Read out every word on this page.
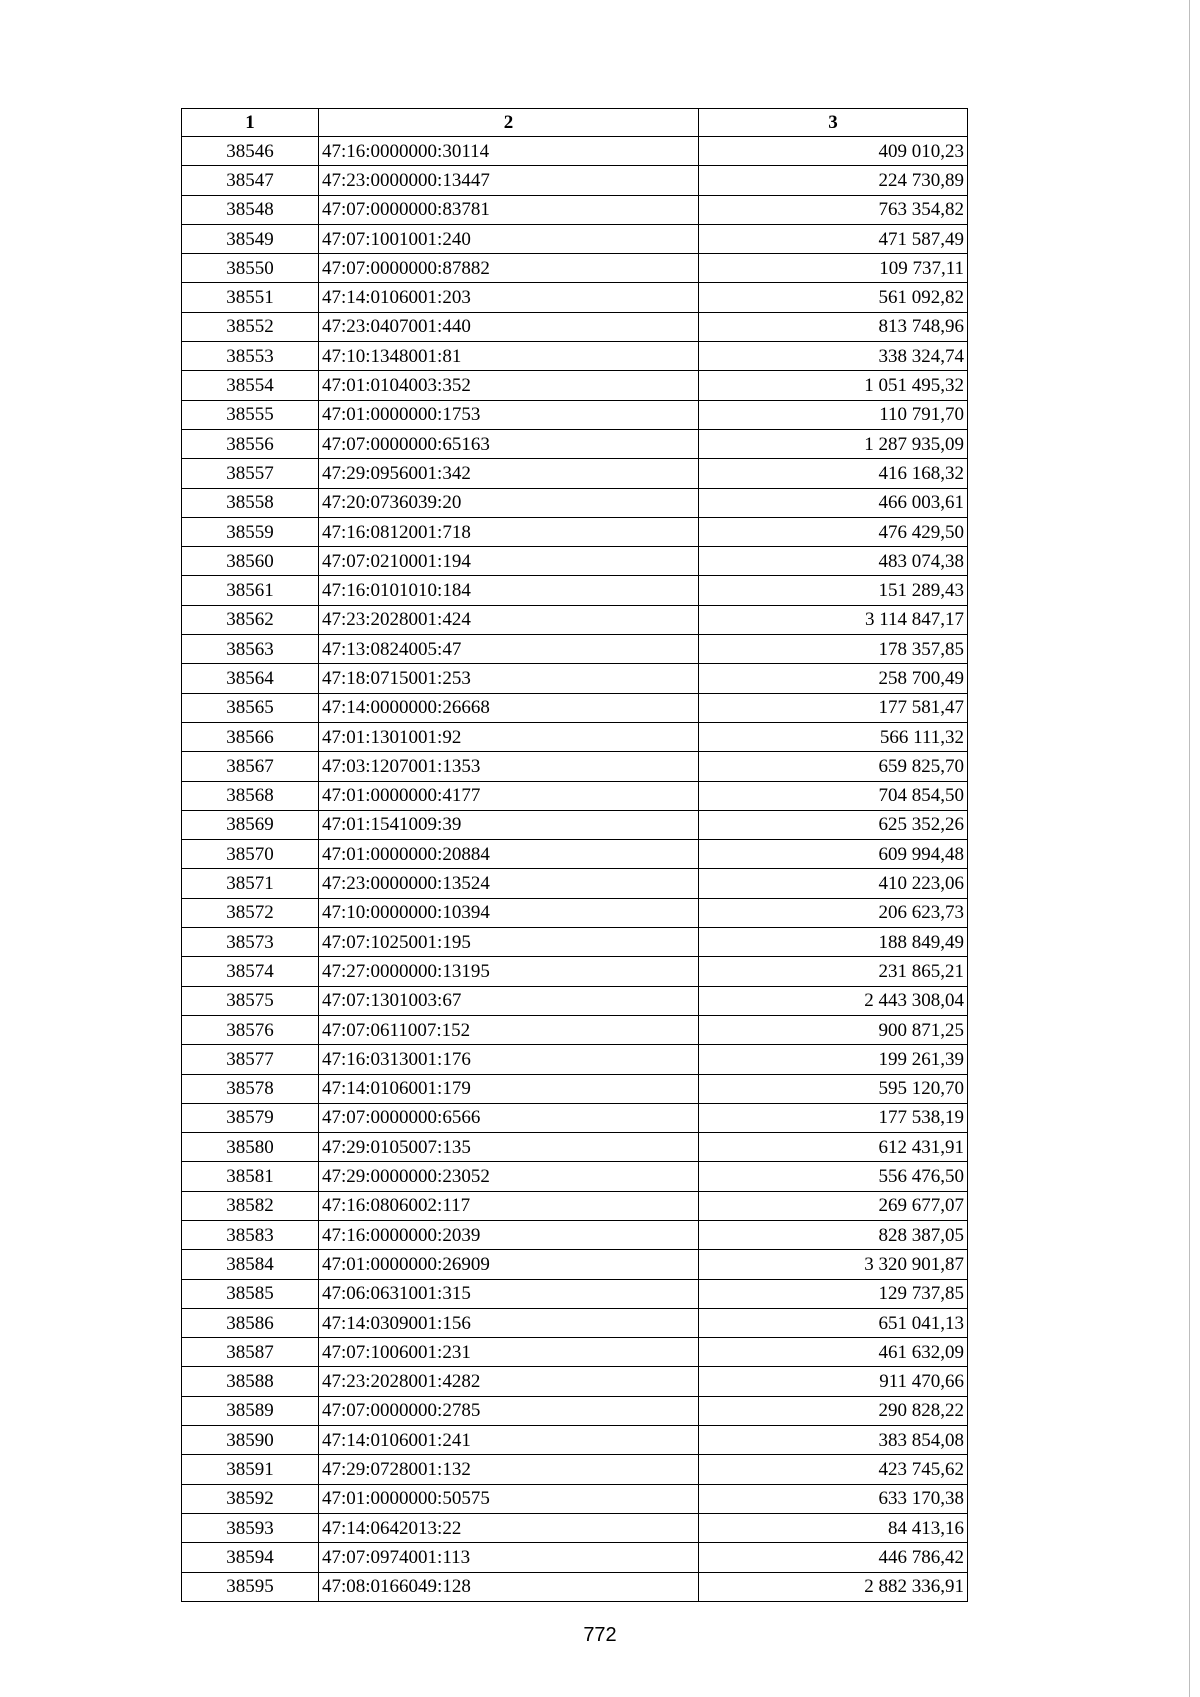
1	2	3
38546	47:16:0000000:30114	409 010,23
38547	47:23:0000000:13447	224 730,89
38548	47:07:0000000:83781	763 354,82
38549	47:07:1001001:240	471 587,49
38550	47:07:0000000:87882	109 737,11
38551	47:14:0106001:203	561 092,82
38552	47:23:0407001:440	813 748,96
38553	47:10:1348001:81	338 324,74
38554	47:01:0104003:352	1 051 495,32
38555	47:01:0000000:1753	110 791,70
38556	47:07:0000000:65163	1 287 935,09
38557	47:29:0956001:342	416 168,32
38558	47:20:0736039:20	466 003,61
38559	47:16:0812001:718	476 429,50
38560	47:07:0210001:194	483 074,38
38561	47:16:0101010:184	151 289,43
38562	47:23:2028001:424	3 114 847,17
38563	47:13:0824005:47	178 357,85
38564	47:18:0715001:253	258 700,49
38565	47:14:0000000:26668	177 581,47
38566	47:01:1301001:92	566 111,32
38567	47:03:1207001:1353	659 825,70
38568	47:01:0000000:4177	704 854,50
38569	47:01:1541009:39	625 352,26
38570	47:01:0000000:20884	609 994,48
38571	47:23:0000000:13524	410 223,06
38572	47:10:0000000:10394	206 623,73
38573	47:07:1025001:195	188 849,49
38574	47:27:0000000:13195	231 865,21
38575	47:07:1301003:67	2 443 308,04
38576	47:07:0611007:152	900 871,25
38577	47:16:0313001:176	199 261,39
38578	47:14:0106001:179	595 120,70
38579	47:07:0000000:6566	177 538,19
38580	47:29:0105007:135	612 431,91
38581	47:29:0000000:23052	556 476,50
38582	47:16:0806002:117	269 677,07
38583	47:16:0000000:2039	828 387,05
38584	47:01:0000000:26909	3 320 901,87
38585	47:06:0631001:315	129 737,85
38586	47:14:0309001:156	651 041,13
38587	47:07:1006001:231	461 632,09
38588	47:23:2028001:4282	911 470,66
38589	47:07:0000000:2785	290 828,22
38590	47:14:0106001:241	383 854,08
38591	47:29:0728001:132	423 745,62
38592	47:01:0000000:50575	633 170,38
38593	47:14:0642013:22	84 413,16
38594	47:07:0974001:113	446 786,42
38595	47:08:0166049:128	2 882 336,91
772
